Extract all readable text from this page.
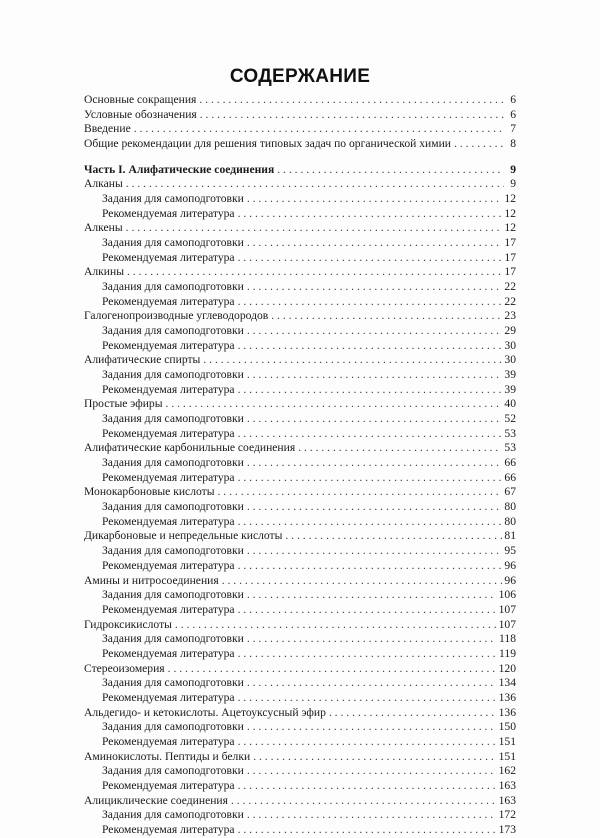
СОДЕРЖАНИЕ
Основные сокращения . . .	6
Условные обозначения . . .	6
Введение . . .	7
Общие рекомендации для решения типовых задач по органической химии . . .	8
Часть I. Алифатические соединения . . .	9
Алканы . . .	9
Задания для самоподготовки . . .	12
Рекомендуемая литература . . .	12
Алкены . . .	12
Задания для самоподготовки . . .	17
Рекомендуемая литература . . .	17
Алкины . . .	17
Задания для самоподготовки . . .	22
Рекомендуемая литература . . .	22
Галогенопроизводные углеводородов . . .	23
Задания для самоподготовки . . .	29
Рекомендуемая литература . . .	30
Алифатические спирты . . .	30
Задания для самоподготовки . . .	39
Рекомендуемая литература . . .	39
Простые эфиры . . .	40
Задания для самоподготовки . . .	52
Рекомендуемая литература . . .	53
Алифатические карбонильные соединения . . .	53
Задания для самоподготовки . . .	66
Рекомендуемая литература . . .	66
Монокарбоновые кислоты . . .	67
Задания для самоподготовки . . .	80
Рекомендуемая литература . . .	80
Дикарбоновые и непредельные кислоты . . .	81
Задания для самоподготовки . . .	95
Рекомендуемая литература . . .	96
Амины и нитросоединения . . .	96
Задания для самоподготовки . . .	106
Рекомендуемая литература . . .	107
Гидроксикислоты . . .	107
Задания для самоподготовки . . .	118
Рекомендуемая литература . . .	119
Стереоизомерия . . .	120
Задания для самоподготовки . . .	134
Рекомендуемая литература . . .	136
Альдегидо- и кетокислоты. Ацетоуксусный эфир . . .	136
Задания для самоподготовки . . .	150
Рекомендуемая литература . . .	151
Аминокислоты. Пептиды и белки . . .	151
Задания для самоподготовки . . .	162
Рекомендуемая литература . . .	163
Алициклические соединения . . .	163
Задания для самоподготовки . . .	172
Рекомендуемая литература . . .	173
